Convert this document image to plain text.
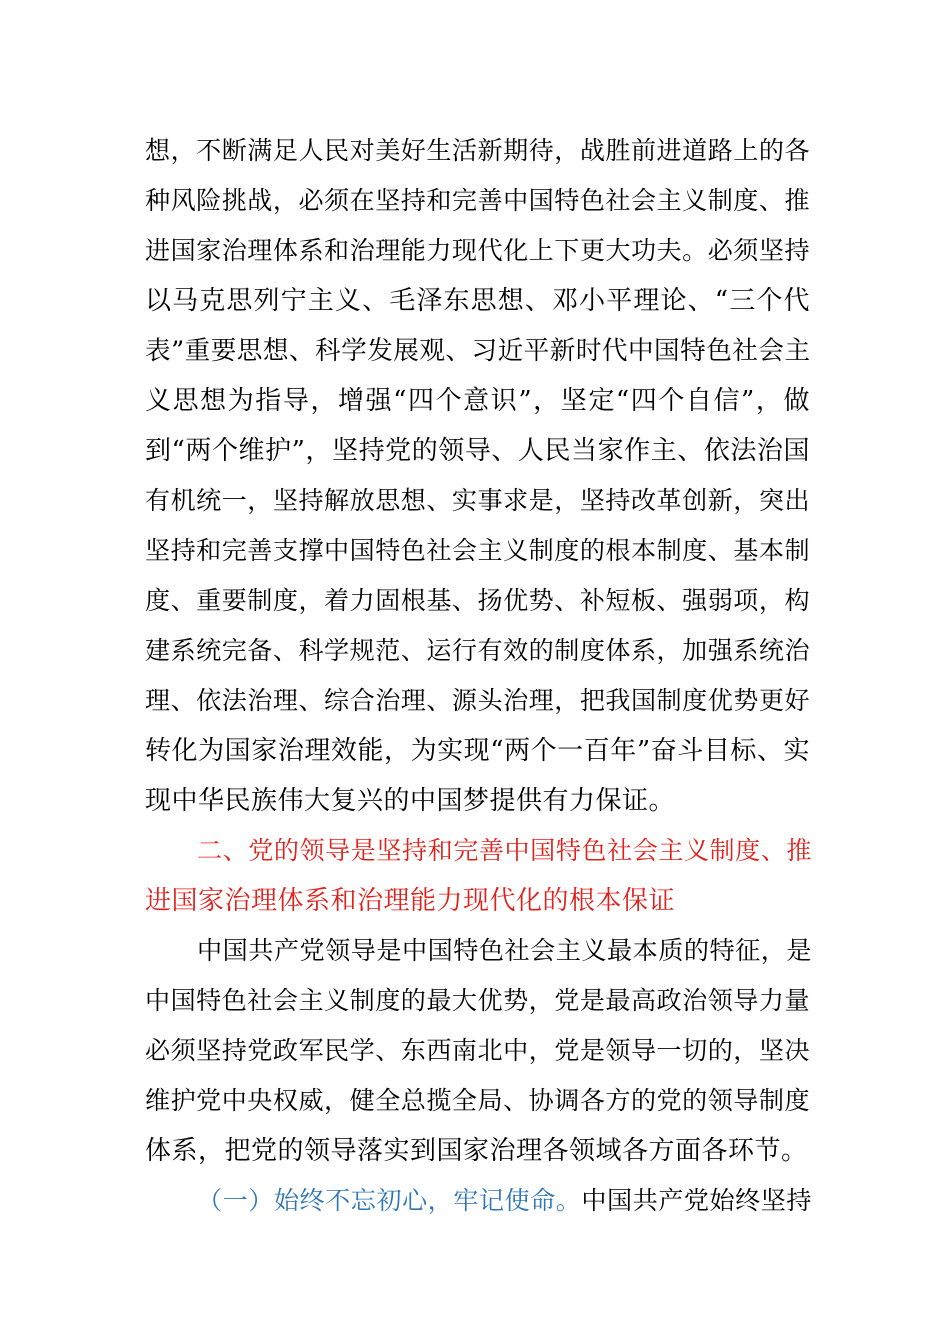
想，不断满足人民对美好生活新期待，战胜前进道路上的各
种风险挑战，必须在坚持和完善中国特色社会主义制度、推
进国家治理体系和治理能力现代化上下更大功夫。必须坚持
以马克思列宁主义、毛泽东思想、邓小平理论、“三个代
表”重要思想、科学发展观、习近平新时代中国特色社会主
义思想为指导，增强“四个意识”，坚定“四个自信”，做
到“两个维护”，坚持党的领导、人民当家作主、依法治国
有机统一，坚持解放思想、实事求是，坚持改革创新，突出
坚持和完善支撑中国特色社会主义制度的根本制度、基本制
度、重要制度，着力固根基、扬优势、补短板、强弱项，构
建系统完备、科学规范、运行有效的制度体系，加强系统治
理、依法治理、综合治理、源头治理，把我国制度优势更好
转化为国家治理效能，为实现“两个一百年”奋斗目标、实
现中华民族伟大复兴的中国梦提供有力保证。
二、党的领导是坚持和完善中国特色社会主义制度、推
进国家治理体系和治理能力现代化的根本保证
中国共产党领导是中国特色社会主义最本质的特征，是
中国特色社会主义制度的最大优势，党是最高政治领导力量
必须坚持党政军民学、东西南北中，党是领导一切的，坚决
维护党中央权威，健全总揽全局、协调各方的党的领导制度
体系，把党的领导落实到国家治理各领域各方面各环节。
（一）始终不忘初心，牢记使命。中国共产党始终坚持
